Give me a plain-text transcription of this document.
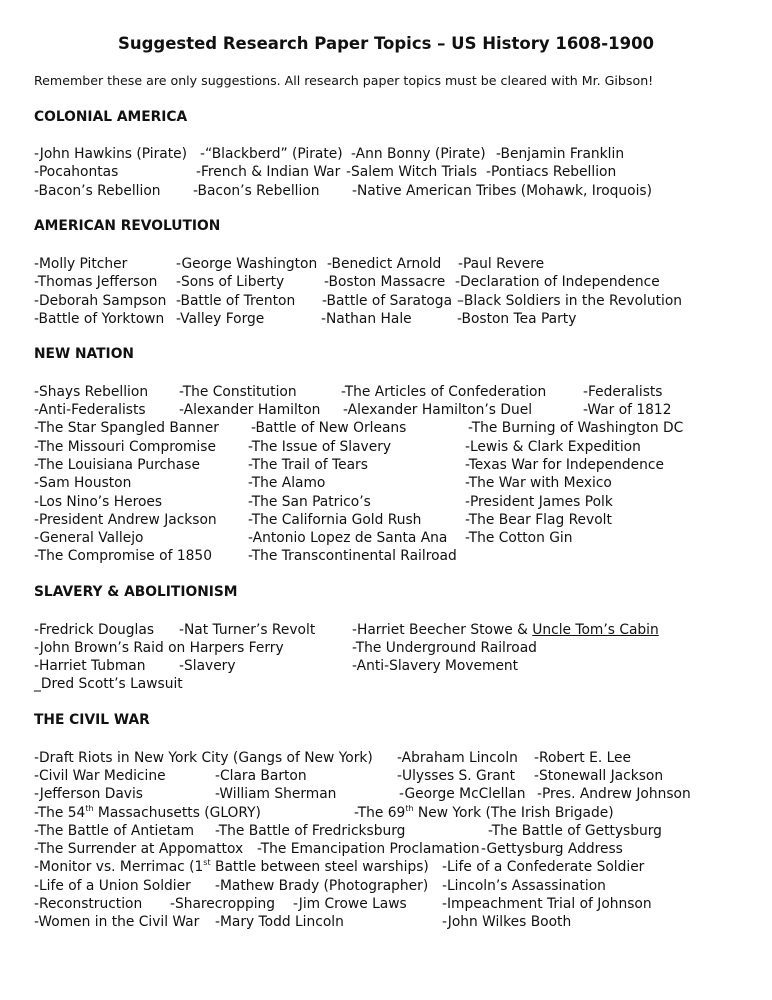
Suggested Research Paper Topics – US History 1608-1900
Remember these are only suggestions. All research paper topics must be cleared with Mr. Gibson!
COLONIAL AMERICA
-John Hawkins (Pirate) -“Blackberd” (Pirate) -Ann Bonny (Pirate) -Benjamin Franklin
-Pocahontas	-French & Indian War -Salem Witch Trials -Pontiacs Rebellion
-Bacon’s Rebellion -Bacon’s Rebellion -Native American Tribes (Mohawk, Iroquois)
AMERICAN REVOLUTION
-Molly Pitcher	-George Washington -Benedict Arnold -Paul Revere
-Thomas Jefferson -Sons of Liberty	-Boston Massacre -Declaration of Independence
-Deborah Sampson -Battle of Trenton -Battle of Saratoga –Black Soldiers in the Revolution
-Battle of Yorktown -Valley Forge	-Nathan Hale	-Boston Tea Party
NEW NATION
-Shays Rebellion -The Constitution	-The Articles of Confederation	-Federalists
-Anti-Federalists -Alexander Hamilton -Alexander Hamilton’s Duel	-War of 1812
-The Star Spangled Banner -Battle of New Orleans	-The Burning of Washington DC
-The Missouri Compromise -The Issue of Slavery	-Lewis & Clark Expedition
-The Louisiana Purchase	-The Trail of Tears	-Texas War for Independence
-Sam Houston	-The Alamo	-The War with Mexico
-Los Nino’s Heroes	-The San Patrico’s	-President James Polk
-President Andrew Jackson -The California Gold Rush	-The Bear Flag Revolt
-General Vallejo	-Antonio Lopez de Santa Ana -The Cotton Gin
-The Compromise of 1850	-The Transcontinental Railroad
SLAVERY & ABOLITIONISM
-Fredrick Douglas -Nat Turner’s Revolt	-Harriet Beecher Stowe & Uncle Tom’s Cabin
-John Brown’s Raid on Harpers Ferry	-The Underground Railroad
-Harriet Tubman -Slavery	-Anti-Slavery Movement
_Dred Scott’s Lawsuit
THE CIVIL WAR
-Draft Riots in New York City (Gangs of New York) -Abraham Lincoln -Robert E. Lee
-Civil War Medicine	-Clara Barton	-Ulysses S. Grant -Stonewall Jackson
-Jefferson Davis	-William Sherman	-George McClellan -Pres. Andrew Johnson
-The 54th Massachusetts (GLORY)	-The 69th New York (The Irish Brigade)
-The Battle of Antietam -The Battle of Fredricksburg	-The Battle of Gettysburg
-The Surrender at Appomattox -The Emancipation Proclamation -Gettysburg Address
-Monitor vs. Merrimac (1st Battle between steel warships) -Life of a Confederate Soldier
-Life of a Union Soldier -Mathew Brady (Photographer) -Lincoln’s Assassination
-Reconstruction -Sharecropping -Jim Crowe Laws	-Impeachment Trial of Johnson
-Women in the Civil War -Mary Todd Lincoln	-John Wilkes Booth
